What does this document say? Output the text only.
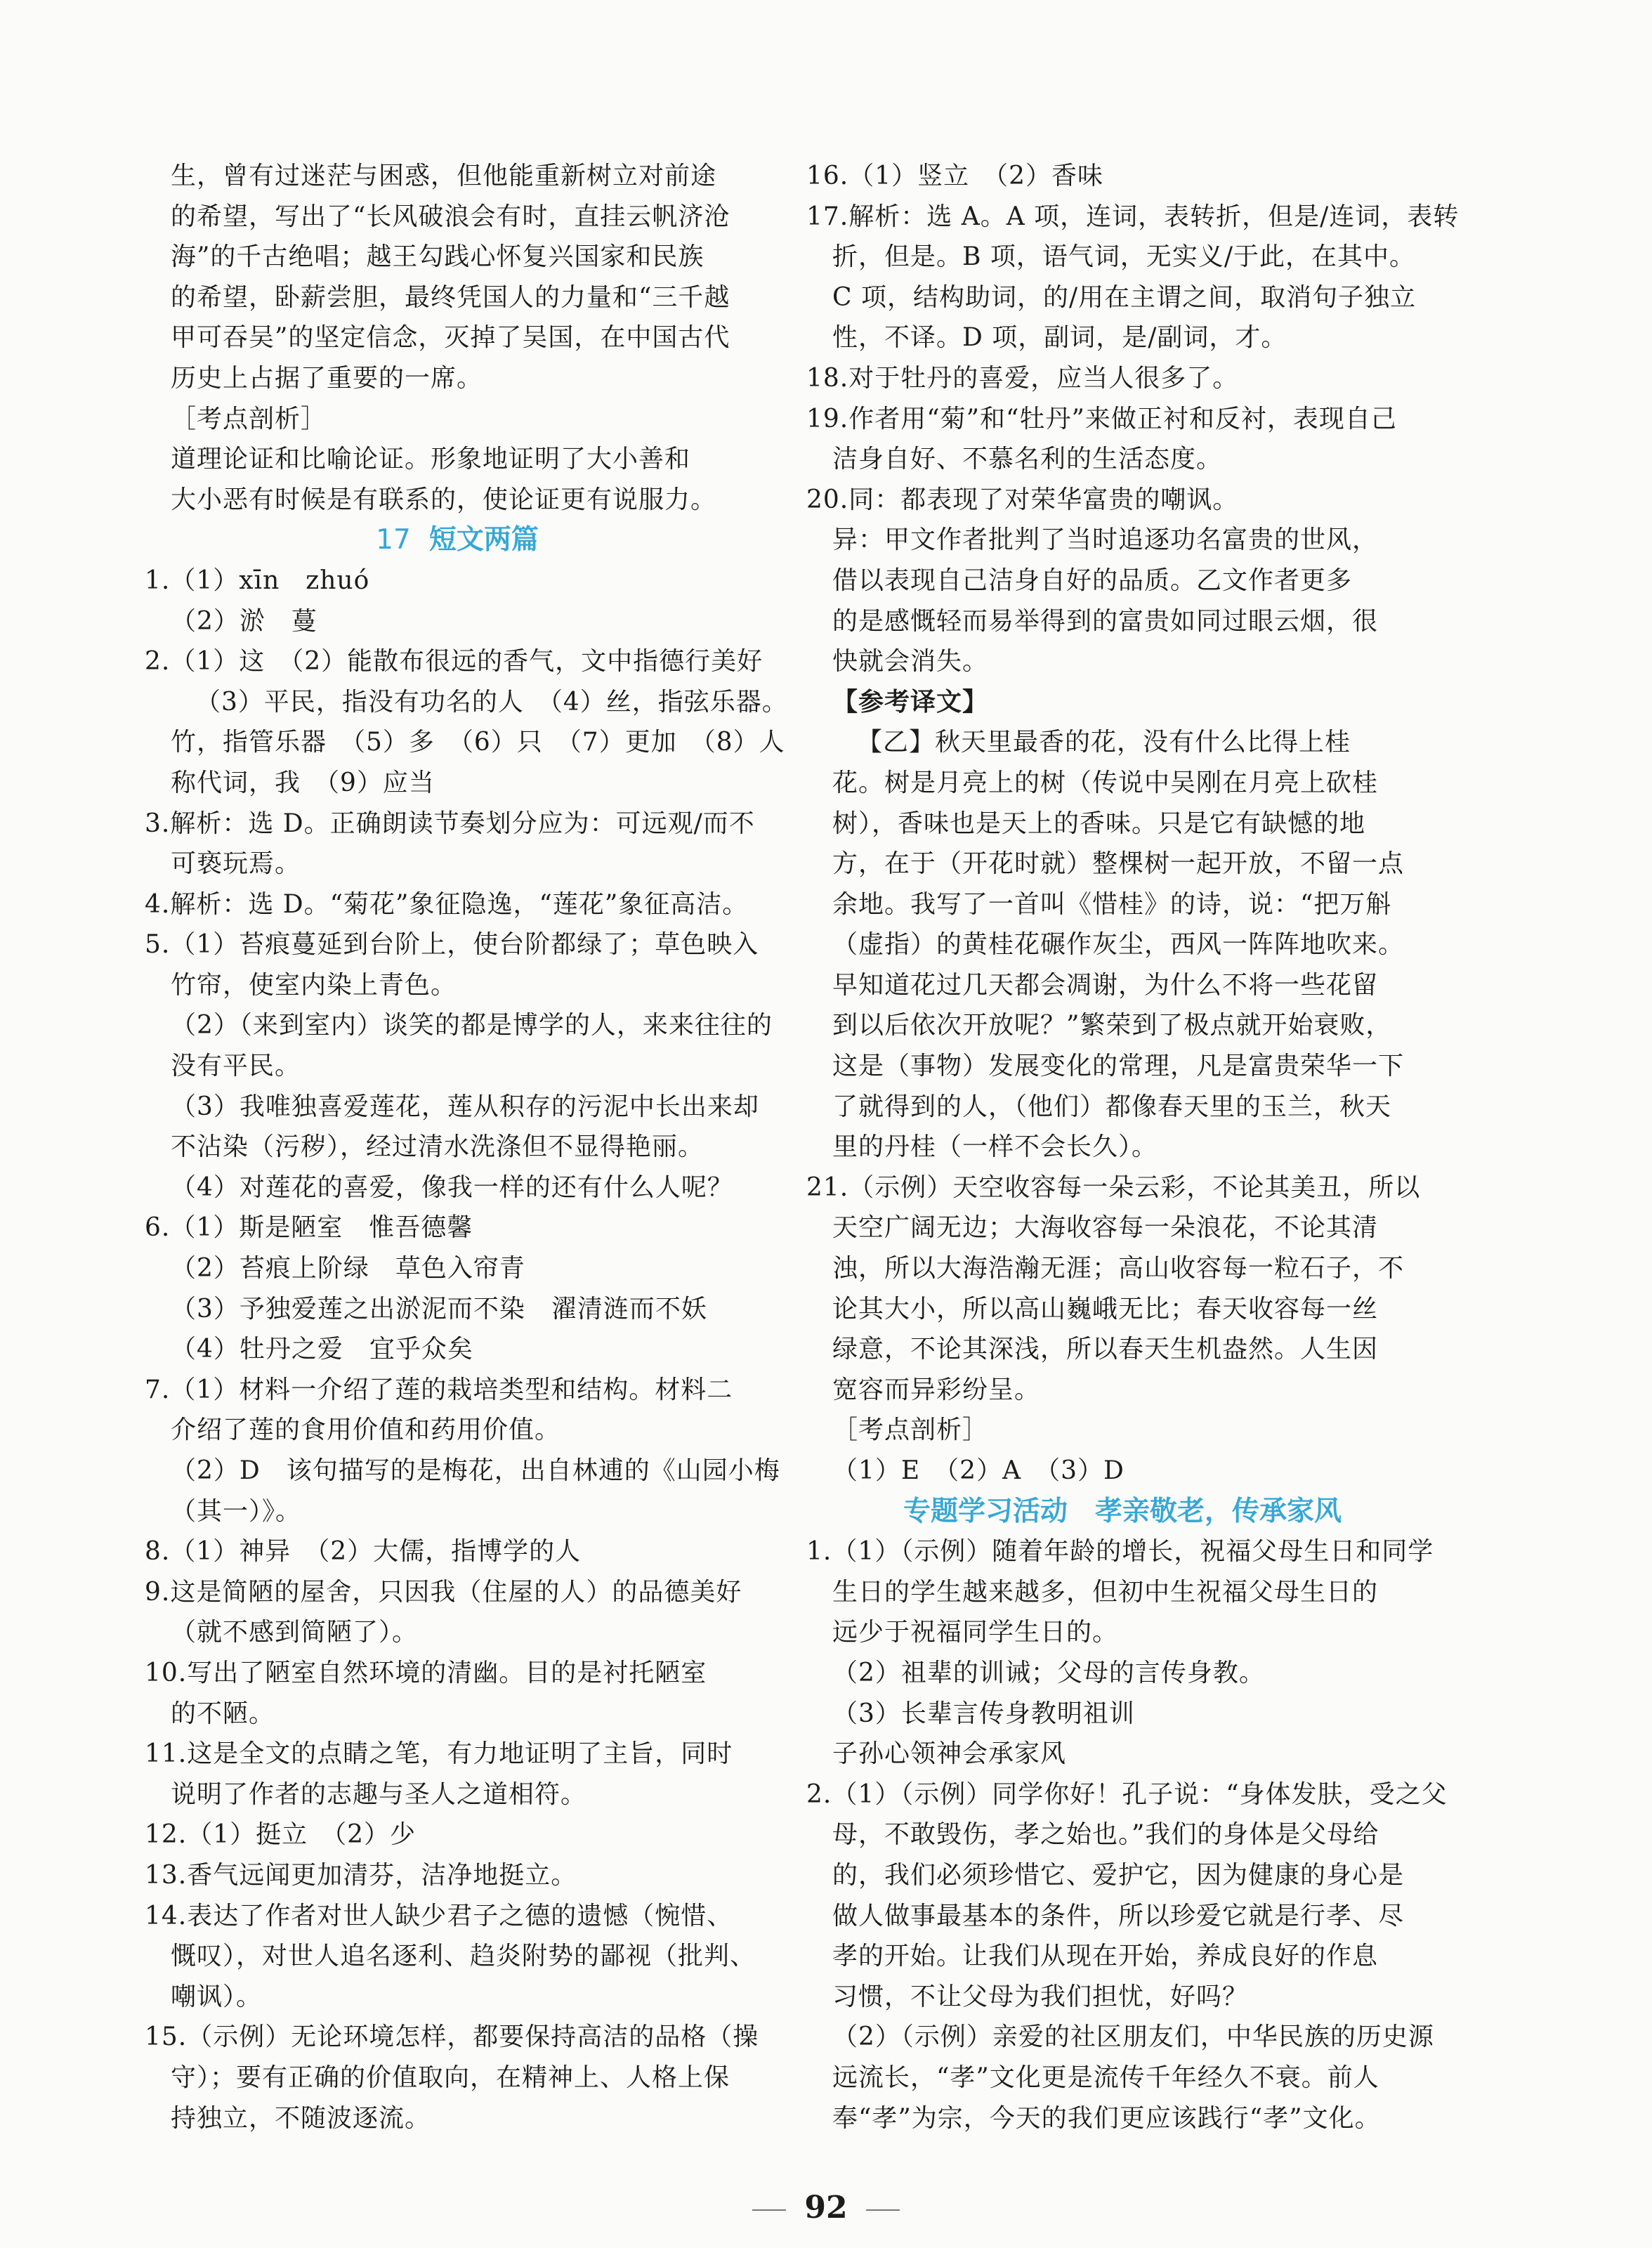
生，曾有过迷茫与困惑，但他能重新树立对前途
的希望，写出了“长风破浪会有时，直挂云帆济沧
海”的千古绝唱；越王勾践心怀复兴国家和民族
的希望，卧薪尝胆，最终凭国人的力量和“三千越
甲可吞吴”的坚定信念，灭掉了吴国，在中国古代
历史上占据了重要的一席。
［考点剖析］
道理论证和比喻论证。形象地证明了大小善和
大小恶有时候是有联系的，使论证更有说服力。
17 短文两篇
1.（1）xīn　zhuó
（2）淤　蔓
2.（1）这　（2）能散布很远的香气，文中指德行美好
（3）平民，指没有功名的人　（4）丝，指弦乐器。
竹，指管乐器　（5）多　（6）只　（7）更加　（8）人
称代词，我　（9）应当
3.解析：选 D。正确朗读节奏划分应为：可远观/而不
可亵玩焉。
4.解析：选 D。“菊花”象征隐逸，“莲花”象征高洁。
5.（1）苔痕蔓延到台阶上，使台阶都绿了；草色映入
竹帘，使室内染上青色。
（2）（来到室内）谈笑的都是博学的人，来来往往的
没有平民。
（3）我唯独喜爱莲花，莲从积存的污泥中长出来却
不沾染（污秽），经过清水洗涤但不显得艳丽。
（4）对莲花的喜爱，像我一样的还有什么人呢？
6.（1）斯是陋室　惟吾德馨
（2）苔痕上阶绿　草色入帘青
（3）予独爱莲之出淤泥而不染　濯清涟而不妖
（4）牡丹之爱　宜乎众矣
7.（1）材料一介绍了莲的栽培类型和结构。材料二
介绍了莲的食用价值和药用价值。
（2）D　该句描写的是梅花，出自林逋的《山园小梅
（其一）》。
8.（1）神异　（2）大儒，指博学的人
9.这是简陋的屋舍，只因我（住屋的人）的品德美好
（就不感到简陋了）。
10.写出了陋室自然环境的清幽。目的是衬托陋室
的不陋。
11.这是全文的点睛之笔，有力地证明了主旨，同时
说明了作者的志趣与圣人之道相符。
12.（1）挺立　（2）少
13.香气远闻更加清芬，洁净地挺立。
14.表达了作者对世人缺少君子之德的遗憾（惋惜、
慨叹），对世人追名逐利、趋炎附势的鄙视（批判、
嘲讽）。
15.（示例）无论环境怎样，都要保持高洁的品格（操
守）；要有正确的价值取向，在精神上、人格上保
持独立，不随波逐流。
16.（1）竖立　（2）香味
17.解析：选 A。A 项，连词，表转折，但是/连词，表转
折，但是。B 项，语气词，无实义/于此，在其中。
C 项，结构助词，的/用在主谓之间，取消句子独立
性，不译。D 项，副词，是/副词，才。
18.对于牡丹的喜爱，应当人很多了。
19.作者用“菊”和“牡丹”来做正衬和反衬，表现自己
洁身自好、不慕名利的生活态度。
20.同：都表现了对荣华富贵的嘲讽。
异：甲文作者批判了当时追逐功名富贵的世风，
借以表现自己洁身自好的品质。乙文作者更多
的是感慨轻而易举得到的富贵如同过眼云烟，很
快就会消失。
【参考译文】
【乙】秋天里最香的花，没有什么比得上桂
花。树是月亮上的树（传说中吴刚在月亮上砍桂
树），香味也是天上的香味。只是它有缺憾的地
方，在于（开花时就）整棵树一起开放，不留一点
余地。我写了一首叫《惜桂》的诗，说：“把万斛
（虚指）的黄桂花碾作灰尘，西风一阵阵地吹来。
早知道花过几天都会凋谢，为什么不将一些花留
到以后依次开放呢？”繁荣到了极点就开始衰败，
这是（事物）发展变化的常理，凡是富贵荣华一下
了就得到的人，（他们）都像春天里的玉兰，秋天
里的丹桂（一样不会长久）。
21.（示例）天空收容每一朵云彩，不论其美丑，所以
天空广阔无边；大海收容每一朵浪花，不论其清
浊，所以大海浩瀚无涯；高山收容每一粒石子，不
论其大小，所以高山巍峨无比；春天收容每一丝
绿意，不论其深浅，所以春天生机盎然。人生因
宽容而异彩纷呈。
［考点剖析］
（1）E　（2）A　（3）D
专题学习活动　孝亲敬老，传承家风
1.（1）（示例）随着年龄的增长，祝福父母生日和同学
生日的学生越来越多，但初中生祝福父母生日的
远少于祝福同学生日的。
（2）祖辈的训诫；父母的言传身教。
（3）长辈言传身教明祖训
子孙心领神会承家风
2.（1）（示例）同学你好！孔子说：“身体发肤，受之父
母，不敢毁伤，孝之始也。”我们的身体是父母给
的，我们必须珍惜它、爱护它，因为健康的身心是
做人做事最基本的条件，所以珍爱它就是行孝、尽
孝的开始。让我们从现在开始，养成良好的作息
习惯，不让父母为我们担忧，好吗？
（2）（示例）亲爱的社区朋友们，中华民族的历史源
远流长，“孝”文化更是流传千年经久不衰。前人
奉“孝”为宗，今天的我们更应该践行“孝”文化。
92
